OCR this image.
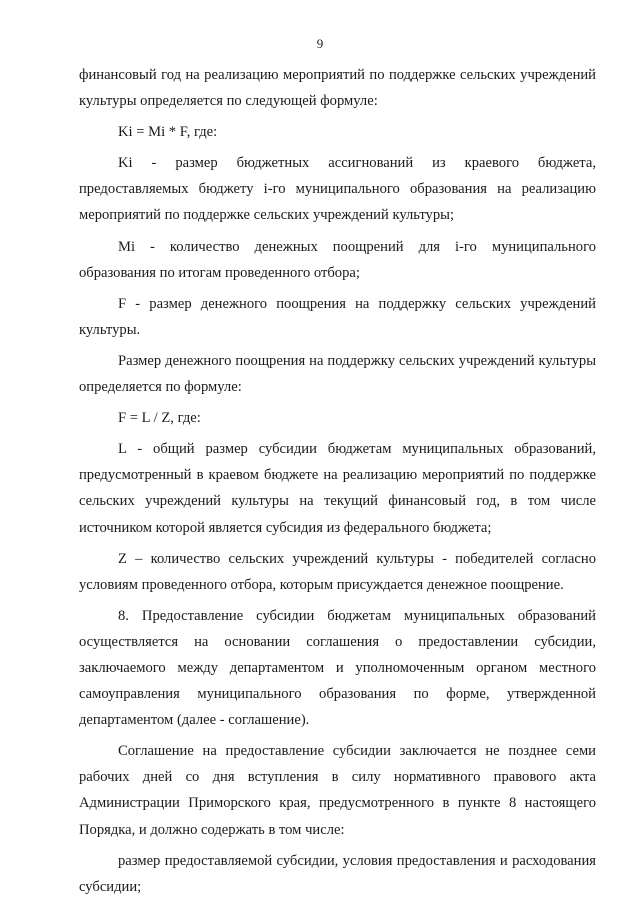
9

финансовый год на реализацию мероприятий по поддержке сельских учреждений культуры определяется по следующей формуле:

Ki = Mi * F, где:

Ki - размер бюджетных ассигнований из краевого бюджета, предоставляемых бюджету i-го муниципального образования на реализацию мероприятий по поддержке сельских учреждений культуры;

Mi - количество денежных поощрений для i-го муниципального образования по итогам проведенного отбора;

F - размер денежного поощрения на поддержку сельских учреждений культуры.

Размер денежного поощрения на поддержку сельских учреждений культуры определяется по формуле:

F = L / Z, где:

L - общий размер субсидии бюджетам муниципальных образований, предусмотренный в краевом бюджете на реализацию мероприятий по поддержке сельских учреждений культуры на текущий финансовый год, в том числе источником которой является субсидия из федерального бюджета;

Z – количество сельских учреждений культуры - победителей согласно условиям проведенного отбора, которым присуждается денежное поощрение.

8. Предоставление субсидии бюджетам муниципальных образований осуществляется на основании соглашения о предоставлении субсидии, заключаемого между департаментом и уполномоченным органом местного самоуправления муниципального образования по форме, утвержденной департаментом (далее - соглашение).

Соглашение на предоставление субсидии заключается не позднее семи рабочих дней со дня вступления в силу нормативного правового акта Администрации Приморского края, предусмотренного в пункте 8 настоящего Порядка, и должно содержать в том числе:

размер предоставляемой субсидии, условия предоставления и расходования субсидии;
